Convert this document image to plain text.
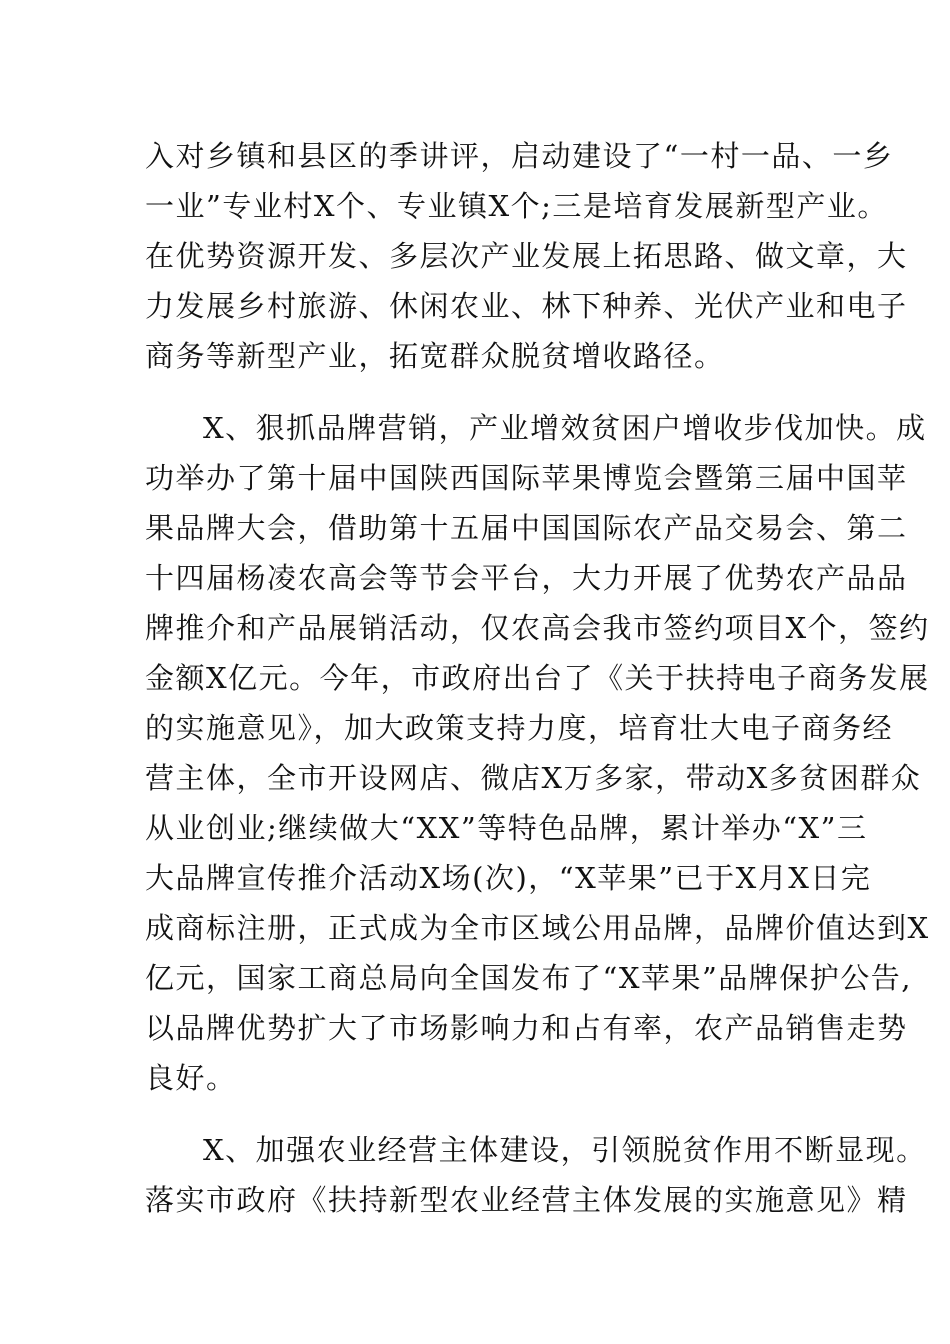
入对乡镇和县区的季讲评，启动建设了“一村一品、一乡
一业”专业村X个、专业镇X个;三是培育发展新型产业。
在优势资源开发、多层次产业发展上拓思路、做文章，大
力发展乡村旅游、休闲农业、林下种养、光伏产业和电子
商务等新型产业，拓宽群众脱贫增收路径。
X、狠抓品牌营销，产业增效贫困户增收步伐加快。成
功举办了第十届中国陕西国际苹果博览会暨第三届中国苹
果品牌大会，借助第十五届中国国际农产品交易会、第二
十四届杨凌农高会等节会平台，大力开展了优势农产品品
牌推介和产品展销活动，仅农高会我市签约项目X个，签约
金额X亿元。今年，市政府出台了《关于扶持电子商务发展
的实施意见》，加大政策支持力度，培育壮大电子商务经
营主体，全市开设网店、微店X万多家，带动X多贫困群众
从业创业;继续做大“XX”等特色品牌，累计举办“X”三
大品牌宣传推介活动X场(次)，“X苹果”已于X月X日完
成商标注册，正式成为全市区域公用品牌，品牌价值达到X
亿元，国家工商总局向全国发布了“X苹果”品牌保护公告,
以品牌优势扩大了市场影响力和占有率，农产品销售走势
良好。
X、加强农业经营主体建设，引领脱贫作用不断显现。
落实市政府《扶持新型农业经营主体发展的实施意见》精
